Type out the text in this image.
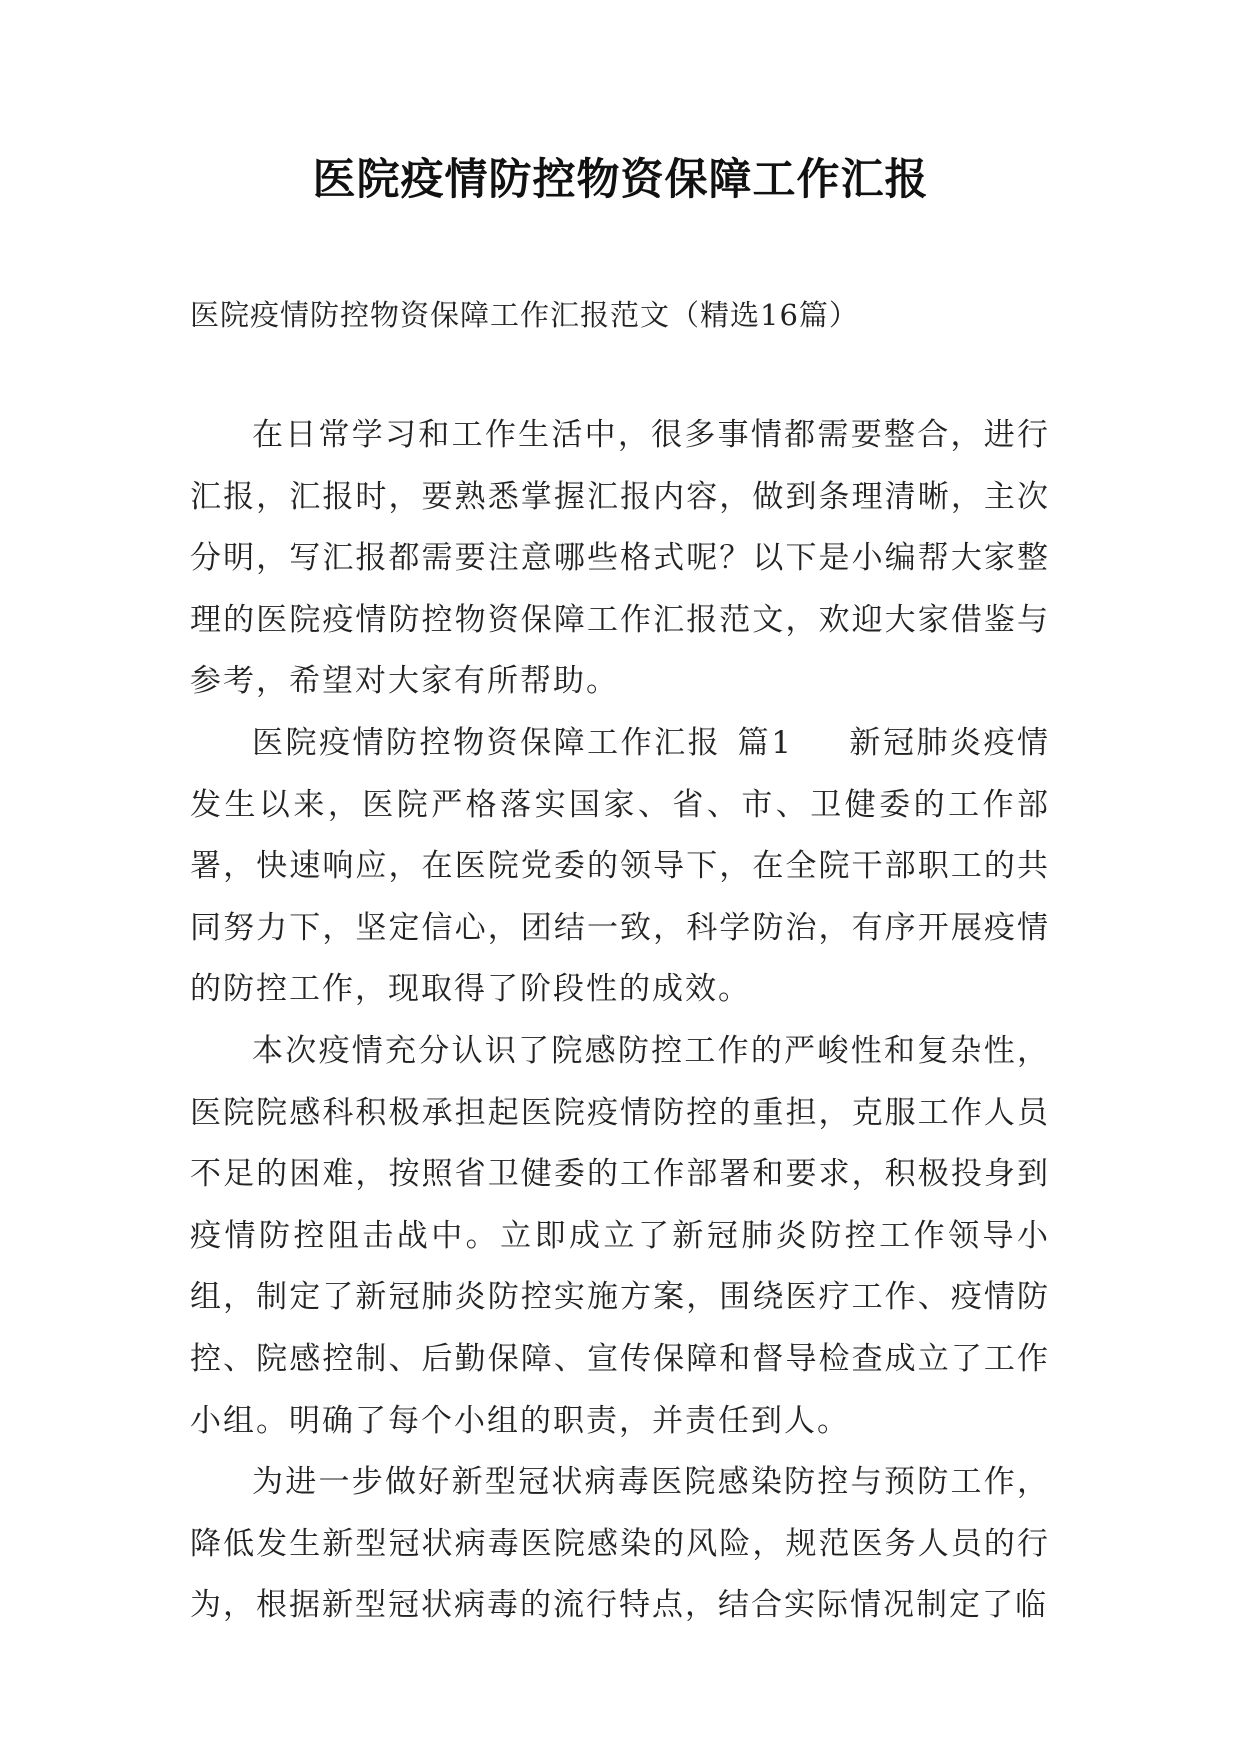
医院疫情防控物资保障工作汇报
医院疫情防控物资保障工作汇报范文（精选16篇）

在日常学习和工作生活中，很多事情都需要整合，进行汇报，汇报时，要熟悉掌握汇报内容，做到条理清晰，主次分明，写汇报都需要注意哪些格式呢？以下是小编帮大家整理的医院疫情防控物资保障工作汇报范文，欢迎大家借鉴与参考，希望对大家有所帮助。

医院疫情防控物资保障工作汇报 篇1 新冠肺炎疫情发生以来，医院严格落实国家、省、市、卫健委的工作部署，快速响应，在医院党委的领导下，在全院干部职工的共同努力下，坚定信心，团结一致，科学防治，有序开展疫情的防控工作，现取得了阶段性的成效。

本次疫情充分认识了院感防控工作的严峻性和复杂性，医院院感科积极承担起医院疫情防控的重担，克服工作人员不足的困难，按照省卫健委的工作部署和要求，积极投身到疫情防控阻击战中。立即成立了新冠肺炎防控工作领导小组，制定了新冠肺炎防控实施方案，围绕医疗工作、疫情防控、院感控制、后勤保障、宣传保障和督导检查成立了工作小组。明确了每个小组的职责，并责任到人。

为进一步做好新型冠状病毒医院感染防控与预防工作，降低发生新型冠状病毒医院感染的风险，规范医务人员的行为，根据新型冠状病毒的流行特点，结合实际情况制定了临
